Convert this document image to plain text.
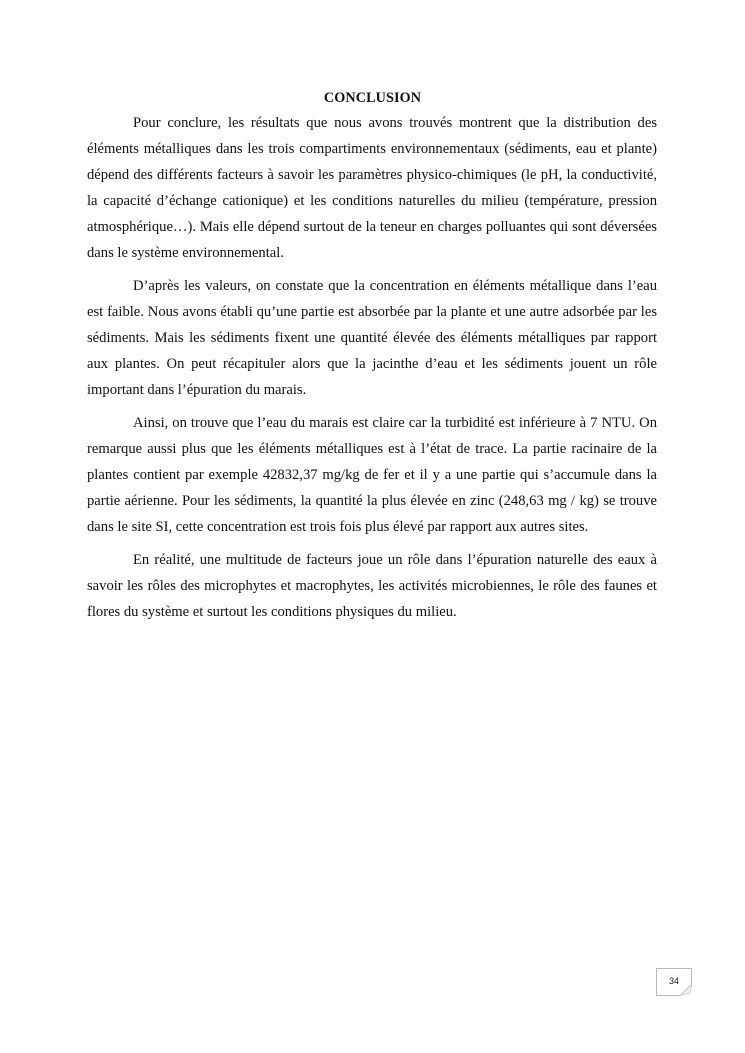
CONCLUSION

Pour conclure, les résultats que nous avons trouvés montrent que la distribution des éléments métalliques dans les trois compartiments environnementaux (sédiments, eau et plante) dépend des différents facteurs à savoir les paramètres physico-chimiques (le pH, la conductivité, la capacité d’échange cationique) et les conditions naturelles du milieu (température, pression atmosphérique…). Mais elle dépend surtout de la teneur en charges polluantes qui sont déversées dans le système environnemental.

D’après les valeurs, on constate que la concentration en éléments métallique dans l’eau est faible. Nous avons établi qu’une partie est absorbée par la plante et une autre adsorbée par les sédiments. Mais les sédiments fixent une quantité élevée des éléments métalliques par rapport aux plantes. On peut récapituler alors que la jacinthe d’eau et les sédiments jouent un rôle important dans l’épuration du marais.

Ainsi, on trouve que l’eau du marais est claire car la turbidité est inférieure à 7 NTU. On remarque aussi plus que les éléments métalliques est à l’état de trace. La partie racinaire de la plantes contient par exemple 42832,37 mg/kg de fer et il y a une partie qui s’accumule dans la partie aérienne. Pour les sédiments, la quantité la plus élevée en zinc (248,63 mg / kg) se trouve dans le site SI, cette concentration est trois fois plus élevé par rapport aux autres sites.

En réalité, une multitude de facteurs joue un rôle dans l’épuration naturelle des eaux à savoir les rôles des microphytes et macrophytes, les activités microbiennes, le rôle des faunes et flores du système et surtout les conditions physiques du milieu.

34
